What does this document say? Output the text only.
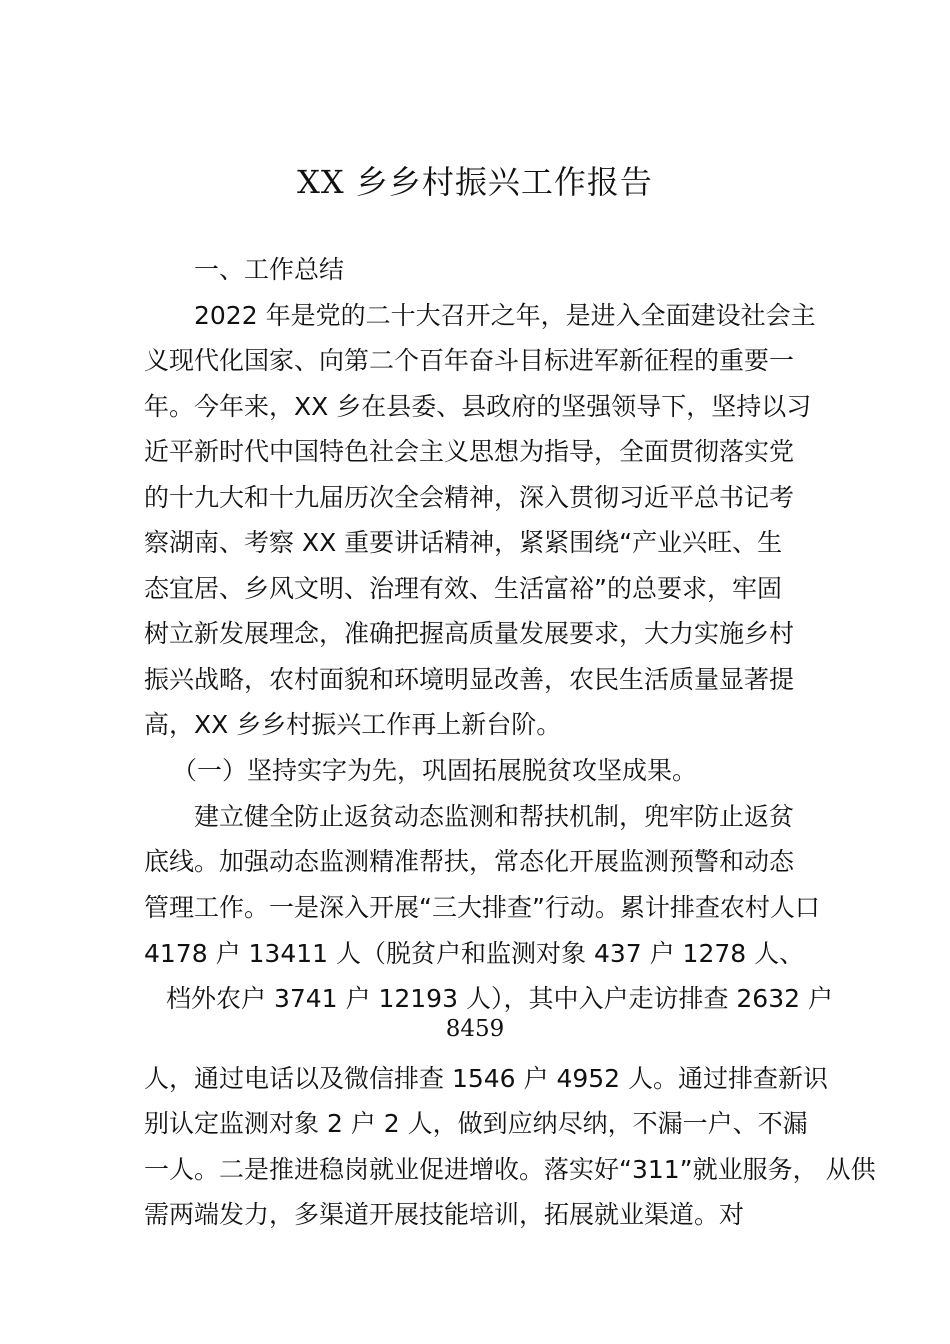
XX 乡乡村振兴工作报告
一、工作总结
2022 年是党的二十大召开之年，是进入全面建设社会主
义现代化国家、向第二个百年奋斗目标进军新征程的重要一
年。今年来，XX 乡在县委、县政府的坚强领导下，坚持以习
近平新时代中国特色社会主义思想为指导，全面贯彻落实党
的十九大和十九届历次全会精神，深入贯彻习近平总书记考
察湖南、考察 XX 重要讲话精神，紧紧围绕“产业兴旺、生
态宜居、乡风文明、治理有效、生活富裕”的总要求，牢固
树立新发展理念，准确把握高质量发展要求，大力实施乡村
振兴战略，农村面貌和环境明显改善，农民生活质量显著提
高，XX 乡乡村振兴工作再上新台阶。
（一）坚持实字为先，巩固拓展脱贫攻坚成果。
建立健全防止返贫动态监测和帮扶机制，兜牢防止返贫
底线。加强动态监测精准帮扶，常态化开展监测预警和动态
管理工作。一是深入开展“三大排查”行动。累计排查农村人口
4178 户 13411 人（脱贫户和监测对象 437 户 1278 人、
档外农户 3741 户 12193 人），其中入户走访排查 2632 户
8459
人，通过电话以及微信排查 1546 户 4952 人。通过排查新识
别认定监测对象 2 户 2 人，做到应纳尽纳，不漏一户、不漏
一人。二是推进稳岗就业促进增收。落实好“311”就业服务， 从供
需两端发力，多渠道开展技能培训，拓展就业渠道。对
